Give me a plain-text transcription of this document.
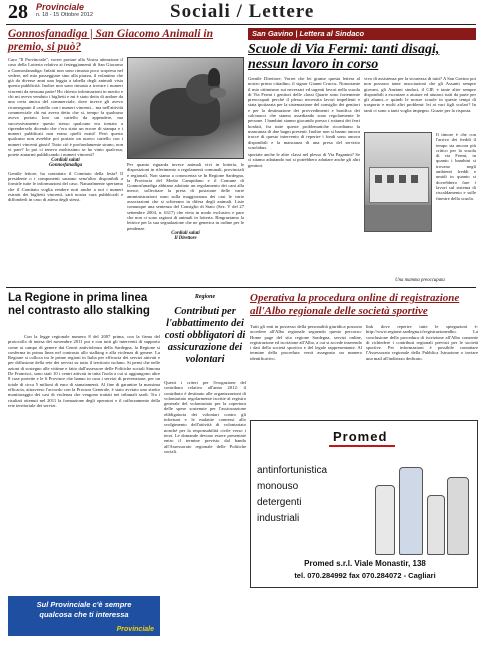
28 Provinciale
n. 18 - 15 Ottobre 2012	Sociali / Lettere
Gonnosfanadiga | San Giacomo Animali in premio, si può?

Caro "Il Provinciale", vorrei portare alla Vostra attenzione il caso della Lotteria relativa ai festeggiamenti di San Giacomo a Gonnosfanadiga. Infatti non sono rimasta poco sorpresa nel vedere, nel mio passeggiare sino alla piazza, il volantino che già da diverse anni una leggia a tabella degli animali vista questa pubblicità. Inoltre non sono rimasta a trovare i numeri vincenti da nessuna parte! Ho chiesto informazioni in merito e chi mi aveva venduto i biglietti e mi è stato detto di andare da una certa amica del commerciale, dove invece gli avevo riconsegnato il cartello con i numeri vincenti... ma nell'attività commerciale chi mi aveva detto che si, tempo fa qualcuno aveva portato loro un cartello da appendere, ma successivamente questo stesso qualcuno era tornato a riprenderselo dicendo che c'era stato un errore di stampa e i numeri pubblicati non erano quelli esatti! Però questo qualcuno non avrebbe poi portato un nuovo cartello con i numeri vincenti giusti! Tutto ciò è profondamente strano, non vi pare? Io poi ci tenevo moltissimo se ho vinto qualcosa, potete aiutarmi pubblicando i numeri vincenti?

Cordiali saluti

Gonnosfanadiga

Gentile lettore, ha contattato il Comitato della festa? Il presidente o i componenti saranno senz'altro disponibili a fornirle tutte le informazioni del caso. Naturalmente speriamo che il Comitato voglia rendere noti anche a noi i numeri estratti dei biglietti vincenti, sarà nostra cura pubblicarli e diffonderli in caso di attesa degli stessi.

Per quanto riguarda invece animali vivi in lotteria, le disposizioni in riferimento a regolamenti comunali, provinciali e regionali. Non siamo a conoscenza se In Regione Sardegna, la Provincia del Medio Campidano e il Comune di Gonnosfanadiga abbiano adottato un regolamento dei cani alla merce, sollecitare la presa di posizione delle varie amministrazioni sono sulla maggioranza dei casi le varie associazioni che si schierano in difesa degli animali. Liste comunque una sentenza del Consiglio di Stato (Sez. V del 27 settembre 2004, n. 6317) che vieta in modo esclusivo e pare che non ci sono ragioni di animali in lotteria. Ringraziamo la lettrice per la sua segnalazione che ne generica in ordine per le pendenze.

Cordiali saluti

Il Direttore

San Gavino | Lettera al Sindaco
Scuole di Via Fermi: tanti disagi, nessun lavoro in corso

Gentile Direttore, Vorrei che lei giunse questa lettera al nostro primo cittadino, il signor Gianni Cruccu. Nonostante il mio ottimismo sui necessari ed urgenti lavori nella scuola di Via Fermi i genitori delle classi Quarte sono fortemente preoccupati perché il plesso necessita lavori impellenti e stata ipotizzata per la sistemazione del consiglio dei genitori e per la destinazione dei provvedimenti e bonifica dei calcinacci che stanno assediando sono regolarmente le persone. I bambini stanno giocando presso i rottami dei ferri bordati, fra tutte queste problematiche ricordiamo la mancanza di due bagni presenti. Inoltre non si hanno ancora tracce di questo intervento di reperire i fondi sono ancora disponibili e la mancanza di una presa del servizio scuolabus.

sportate anche le altre classi nel plesso di Via Paganini? Se ci stiamo adattando noi si potrebbero adattare anche gli altri genitori.

vivo di assistenza per la sicurezza di tutti? A San Gavino poi non possono tante associazioni che gli Assunti sempre giovani, gli Anziani sindaci, il CIF, e tante altre sempre disponibili a escrutare a aiutare ed aiutarci tutti da parte per gli alunni...e quindi le nostre scuole in queste tempi di trasporto e molti altri problemi: lei ai vari figli scolari? In tanti ci sono a tanti voglia impegno. Grazie per la risposta.

Il timore è che con l'arrivo dei freddi il tempo sia ancora più critico per la scuola di via Fermi, in quanto i bambini si trovano negli ambienti freddi e umidi in quanto si dovrebbero fare i lavori sul sistema di riscaldamento e sulle finestre della scuola.

Una mamma preoccupata
La Regione in prima linea nel contrasto allo stalking

Con la legge regionale numero 8 del 2007 prima, con la firma del protocollo di intesa del novembre 2011 poi e con tutti gli interventi di supporto come ai campo di genere dai Centri antiviolenza della Sardegna, la Regione si conferma in prima linea nel contrasto allo stalking e alla violenza di genere. La Regione si colloca tra le prime regioni in Italia per efficacia dei servizi attivati e per diffusione della rete dei servizi su tutto il territorio isolano. Si pensi che nelle azioni di sostegno alle vittime e fatto dall'assessore delle Politiche sociali Simona De Francisci, sono stati 10 i centri attivati in tutta l'isola a cui si aggiungono altre 8 case protette e le 6 Province che hanno in cura i servizi di prevenzione, per un totale di circa 5 milioni di euro di stanziamenti. Al fine di garantire la massima efficacia, attraverso l'accordo con la Procura Generale, è stato avviato uno stretto monitoraggio dei casi di violenza che vengono trattati nei tribunali sardi. Tra i risultati ottenuti nel 2011 la formazione degli operatori e il rafforzamento della rete territoriale dei servizi.

Sul Provinciale c'è sempre
qualcosa che ti interessa
Provinciale
Regione
Contributi per l'abbattimento dei costi obbligatori di assicurazione dei volontari

Questi i criteri per l'erogazione del contributo relativo all'anno 2012: il contributo è destinato alle organizzazioni di volontariato regolarmente iscritte al registro generale del volontariato per la copertura delle spese sostenute per l'assicurazione obbligatoria dei volontari contro gli infortuni e le malattie connessi allo svolgimento dell'attività di volontariato nonché per la responsabilità civile verso i terzi. Le domande devono essere presentate entro il termine previsto dal bando all'Assessorato regionale delle Politiche sociali.

Operativa la procedura online di registrazione all'Albo regionale delle società sportive

Tutti gli enti in possesso della personalità giuridica possono accedere all'Albo regionale seguendo questo percorso: Home page del sito regione Sardegna, servizi online, registrazione ed iscrizione all'Albo, a cui si accede inserendo i dati della società sportiva e del legale rappresentante. Al termine della procedura verrà assegnato un numero identificativo.

link dove reperire tutte le spiegazioni è: http://www.regione.sardegna.it/registrazionealbo. La conclusione della procedura di iscrizione all'Albo consente di richiedere i contributi regionali previsti per le società sportive. Per informazioni è possibile contattare l'Assessorato regionale della Pubblica Istruzione o inviare una mail all'indirizzo dedicato.

Promed
antinfortunistica
monouso
detergenti
industriali
Promed s.r.l. Viale Monastir, 138
tel. 070.284992 fax 070.284072 - Cagliari
